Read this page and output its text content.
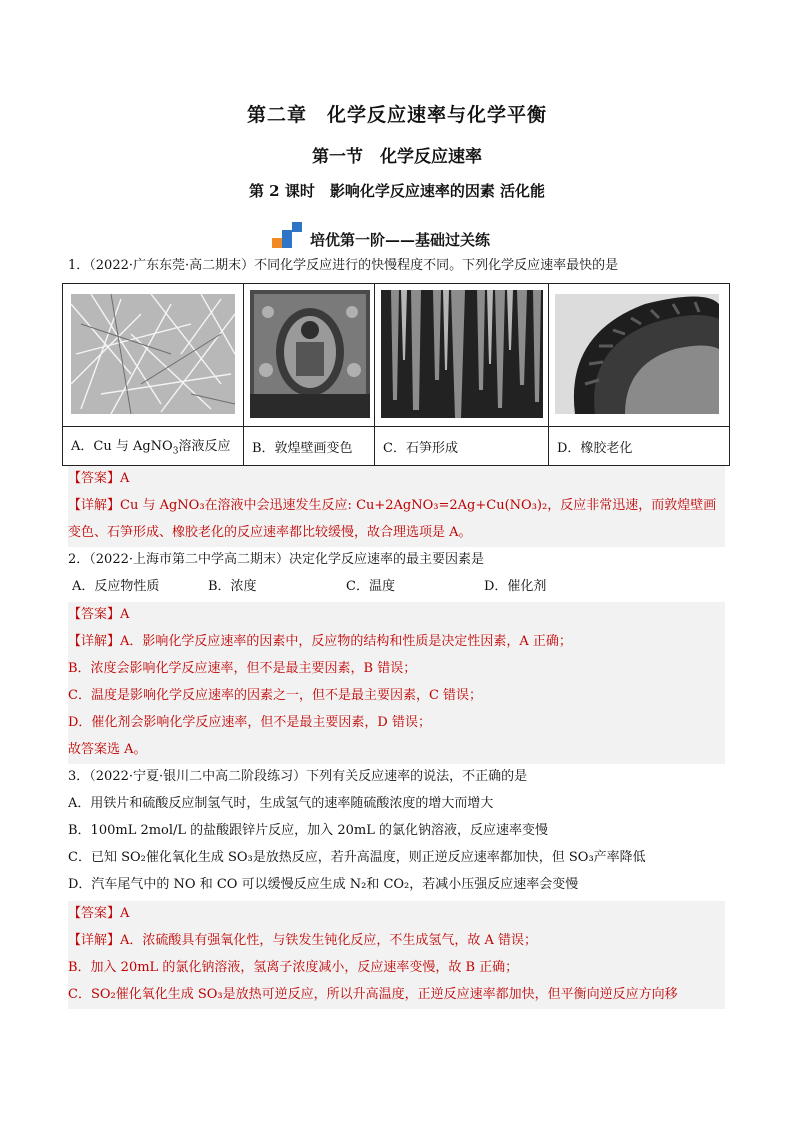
第二章　化学反应速率与化学平衡
第一节　化学反应速率
第 2 课时　影响化学反应速率的因素 活化能
培优第一阶——基础过关练
1．（2022·广东东莞·高二期末）不同化学反应进行的快慢程度不同。下列化学反应速率最快的是

A．Cu 与 AgNO$_3$溶液反应	B．敦煌壁画变色	C．石笋形成	D．橡胶老化
【答案】A
【详解】Cu 与 AgNO₃在溶液中会迅速发生反应: Cu+2AgNO₃=2Ag+Cu(NO₃)₂，反应非常迅速，而敦煌壁画
变色、石笋形成、橡胶老化的反应速率都比较缓慢，故合理选项是 A。
2．（2022·上海市第二中学高二期末）决定化学反应速率的最主要因素是
A．反应物性质	B．浓度	C．温度	D．催化剂
【答案】A
【详解】A．影响化学反应速率的因素中，反应物的结构和性质是决定性因素，A 正确；
B．浓度会影响化学反应速率，但不是最主要因素，B 错误；
C．温度是影响化学反应速率的因素之一，但不是最主要因素，C 错误；
D．催化剂会影响化学反应速率，但不是最主要因素，D 错误；
故答案选 A。
3．（2022·宁夏·银川二中高二阶段练习）下列有关反应速率的说法，不正确的是
A．用铁片和硫酸反应制氢气时，生成氢气的速率随硫酸浓度的增大而增大
B．100mL 2mol/L 的盐酸跟锌片反应，加入 20mL 的氯化钠溶液，反应速率变慢
C．已知 SO₂催化氧化生成 SO₃是放热反应，若升高温度，则正逆反应速率都加快，但 SO₃产率降低
D．汽车尾气中的 NO 和 CO 可以缓慢反应生成 N₂和 CO₂，若减小压强反应速率会变慢
【答案】A
【详解】A．浓硫酸具有强氧化性，与铁发生钝化反应，不生成氢气，故 A 错误；
B．加入 20mL 的氯化钠溶液，氢离子浓度减小，反应速率变慢，故 B 正确；
C．SO₂催化氧化生成 SO₃是放热可逆反应，所以升高温度，正逆反应速率都加快，但平衡向逆反应方向移
